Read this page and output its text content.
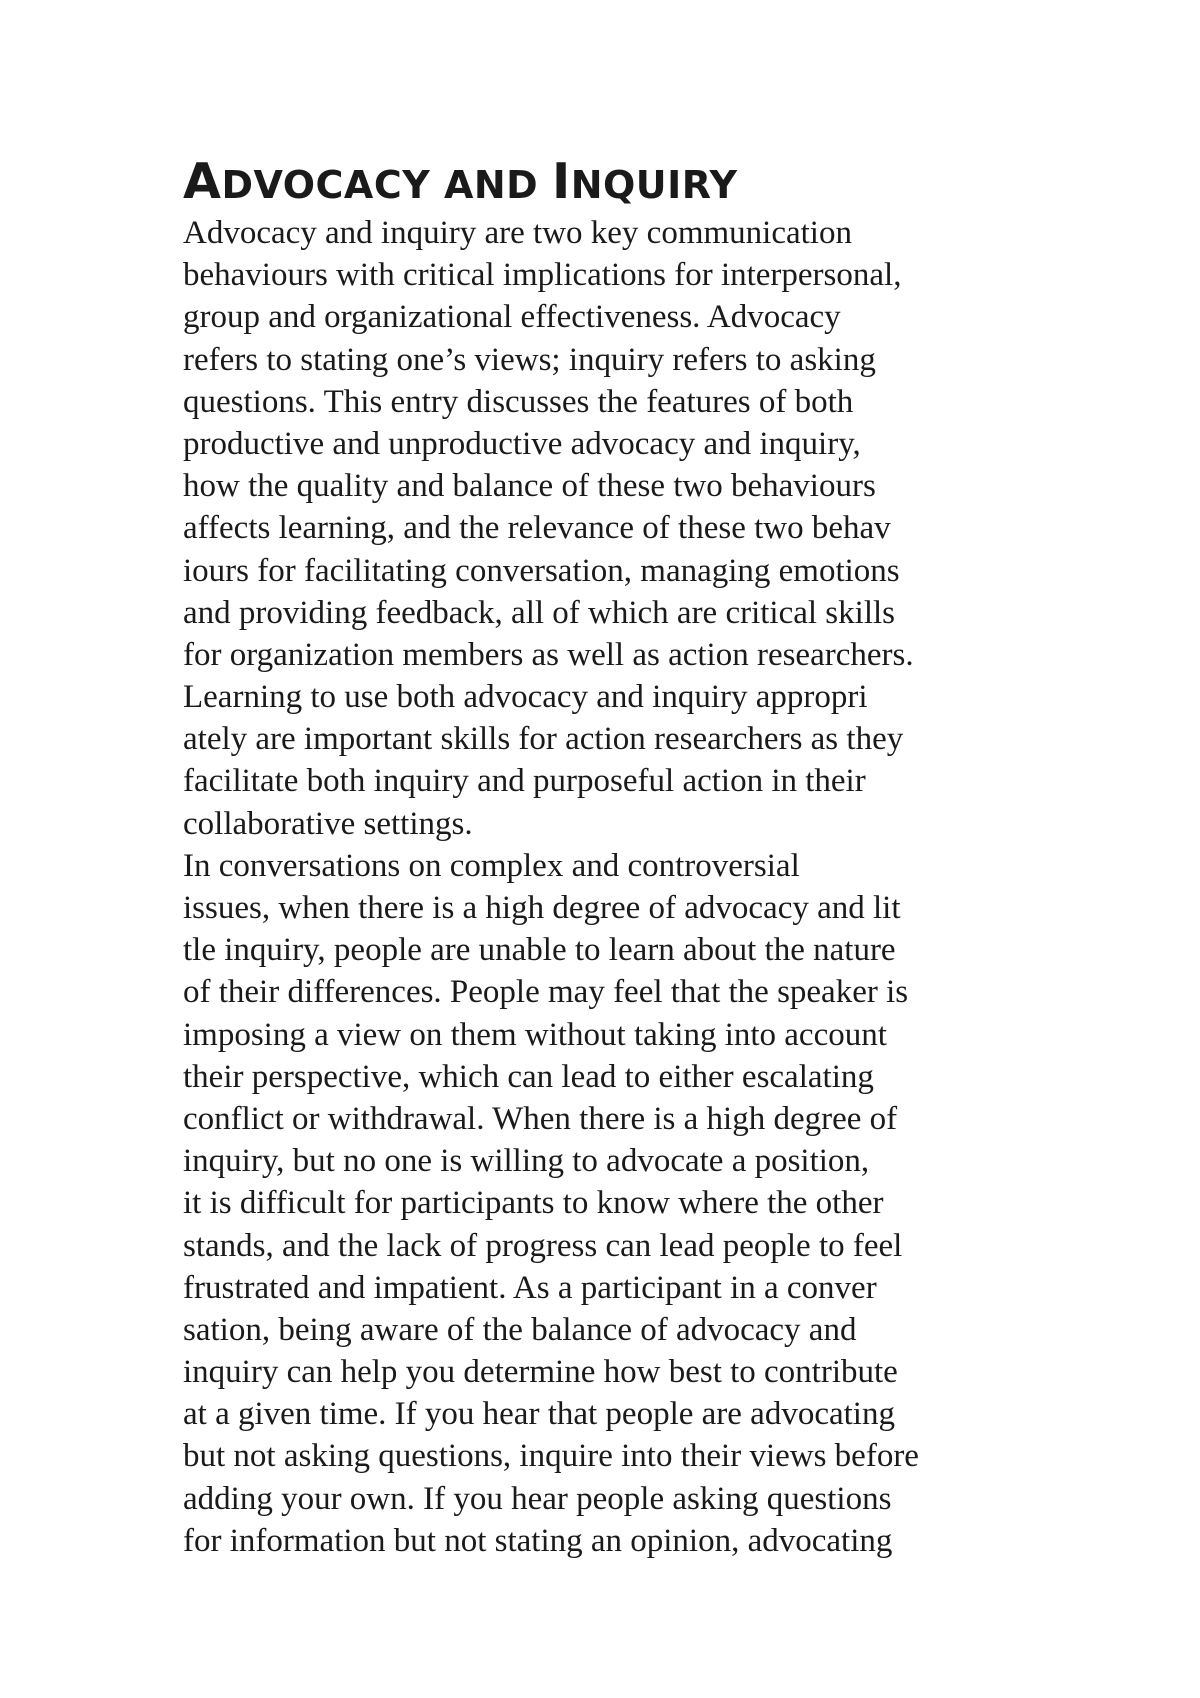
ADVOCACY AND INQUIRY
Advocacy and inquiry are two key communication
behaviours with critical implications for interpersonal,
group and organizational effectiveness. Advocacy
refers to stating one’s views; inquiry refers to asking
questions. This entry discusses the features of both
productive and unproductive advocacy and inquiry,
how the quality and balance of these two behaviours
affects learning, and the relevance of these two behav
iours for facilitating conversation, managing emotions
and providing feedback, all of which are critical skills
for organization members as well as action researchers.
Learning to use both advocacy and inquiry appropri
ately are important skills for action researchers as they
facilitate both inquiry and purposeful action in their
collaborative settings.
In conversations on complex and controversial
issues, when there is a high degree of advocacy and lit
tle inquiry, people are unable to learn about the nature
of their differences. People may feel that the speaker is
imposing a view on them without taking into account
their perspective, which can lead to either escalating
conflict or withdrawal. When there is a high degree of
inquiry, but no one is willing to advocate a position,
it is difficult for participants to know where the other
stands, and the lack of progress can lead people to feel
frustrated and impatient. As a participant in a conver
sation, being aware of the balance of advocacy and
inquiry can help you determine how best to contribute
at a given time. If you hear that people are advocating
but not asking questions, inquire into their views before
adding your own. If you hear people asking questions
for information but not stating an opinion, advocating
